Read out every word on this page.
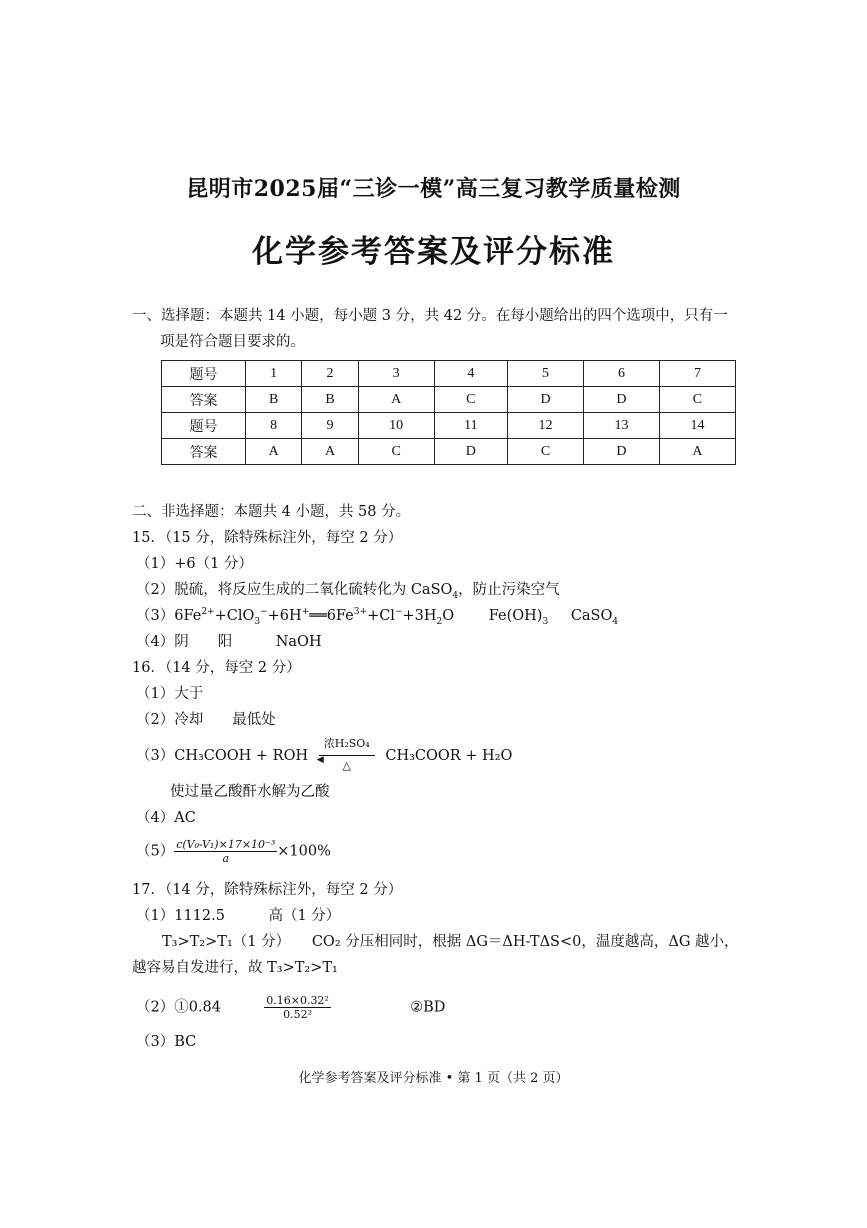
昆明市2025届“三诊一模”高三复习教学质量检测
化学参考答案及评分标准
一、选择题：本题共 14 小题，每小题 3 分，共 42 分。在每小题给出的四个选项中，只有一
项是符合题目要求的。
题号	1	2	3	4	5	6	7
答案	B	B	A	C	D	D	C
题号	8	9	10	11	12	13	14
答案	A	A	C	D	C	D	A
二、非选择题：本题共 4 小题，共 58 分。
15．（15 分，除特殊标注外，每空 2 分）
（1）+6（1 分）
（2）脱硫，将反应生成的二氧化硫转化为 CaSO$_4$，防止污染空气
$(3)6Fe^{2+}+ClO_3^-+6H^+══6Fe^{3+}+Cl^-+3H_2O$ $Fe(OH)_3$ CaSO$_4$
（4）阴　　阳　　　NaOH
16．（14 分，每空 2 分）
（1）大于
（2）冷却　　最低处
（3）CH₃COOH + ROH
浓H₂SO₄
◀	△
CH₃COOR + H₂O
使过量乙酸酐水解为乙酸
（4）AC
$(5) \frac{\text{c(V₀-V₁)×17×10⁻³}}{a} \times 100\%$
17．（14 分，除特殊标注外，每空 2 分）
（1）1112.5　　　高（1 分）
T₃>T₂>T₁（1 分）　　CO₂ 分压相同时，根据 ΔG＝ΔH-TΔS<0，温度越高，ΔG 越小，
越容易自发进行，故 T₃>T₂>T₁
（2）①0.84	$\frac{\text{0.16×0.32²}}{\text{0.52²}}$	②BD
（3）BC
化学参考答案及评分标准 • 第 1 页（共 2 页）
